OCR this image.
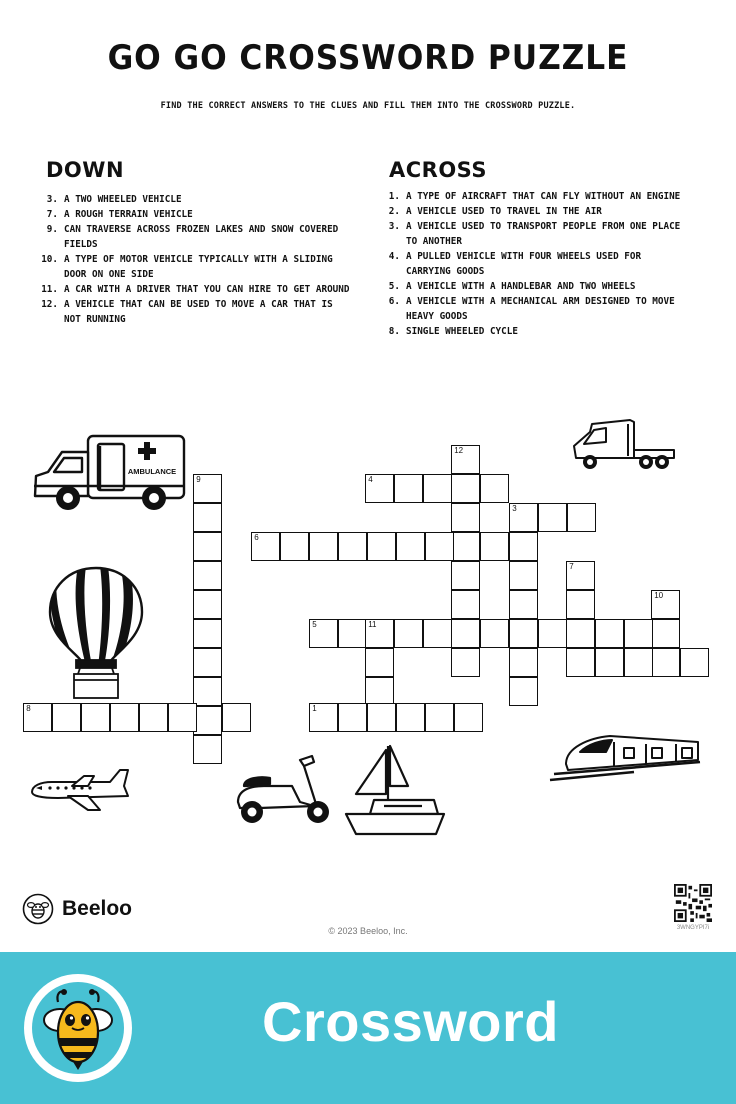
GO GO CROSSWORD PUZZLE
FIND THE CORRECT ANSWERS TO THE CLUES AND FILL THEM INTO THE CROSSWORD PUZZLE.
DOWN
3. A TWO WHEELED VEHICLE
7. A ROUGH TERRAIN VEHICLE
9. CAN TRAVERSE ACROSS FROZEN LAKES AND SNOW COVERED FIELDS
10. A TYPE OF MOTOR VEHICLE TYPICALLY WITH A SLIDING DOOR ON ONE SIDE
11. A CAR WITH A DRIVER THAT YOU CAN HIRE TO GET AROUND
12. A VEHICLE THAT CAN BE USED TO MOVE A CAR THAT IS NOT RUNNING
ACROSS
1. A TYPE OF AIRCRAFT THAT CAN FLY WITHOUT AN ENGINE
2. A VEHICLE USED TO TRAVEL IN THE AIR
3. A VEHICLE USED TO TRANSPORT PEOPLE FROM ONE PLACE TO ANOTHER
4. A PULLED VEHICLE WITH FOUR WHEELS USED FOR CARRYING GOODS
5. A VEHICLE WITH A HANDLEBAR AND TWO WHEELS
6. A VEHICLE WITH A MECHANICAL ARM DESIGNED TO MOVE HEAVY GOODS
8. SINGLE WHEELED CYCLE
12
4
3
6
9
7
10
5	11
1
8
AMBULANCE
Beeloo
© 2023 Beeloo, Inc.	3WNGYPI7i
Crossword
